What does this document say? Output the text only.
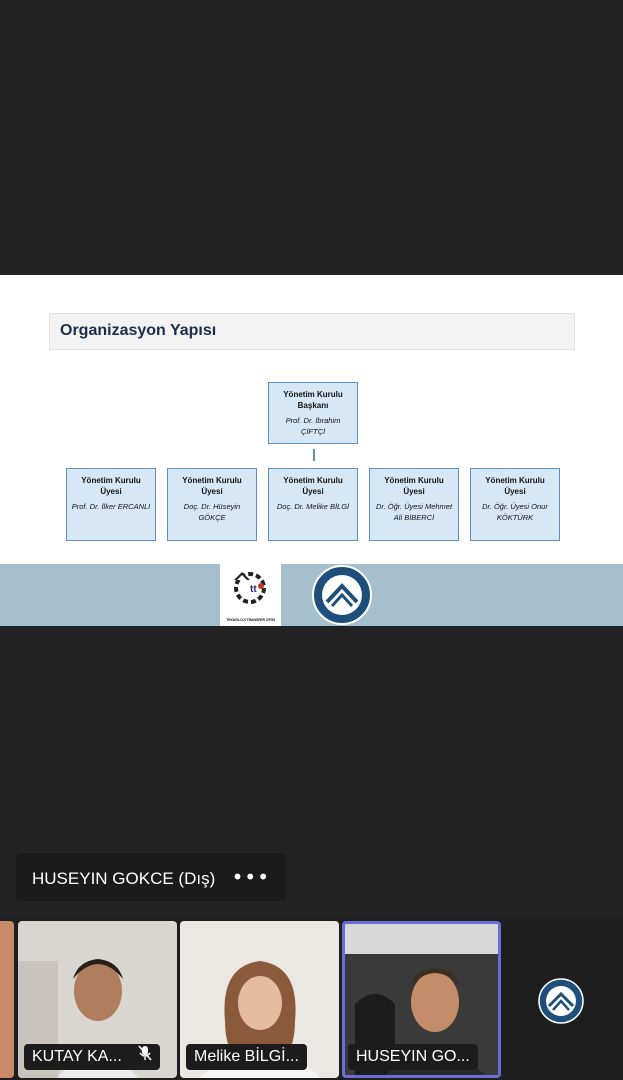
Organizasyon Yapısı
Yönetim Kurulu Başkanı
Prof. Dr. İbrahim ÇİFTÇİ
Yönetim Kurulu Üyesi
Prof. Dr. İlker ERCANLI
Yönetim Kurulu Üyesi
Doç. Dr. Hüseyin GÖKÇE
Yönetim Kurulu Üyesi
Doç. Dr. Melike BİLGİ
Yönetim Kurulu Üyesi
Dr. Öğr. Üyesi Mehmet Ali BİBERCİ
Yönetim Kurulu Üyesi
Dr. Öğr. Üyesi Onur KÖKTÜRK
tt
TEKNOLOJİ TRANSFER OFİSİ
HUSEYIN GOKCE (Dış) •••
KUTAY KA...	Melike BİLGİ...	HUSEYIN GO...
